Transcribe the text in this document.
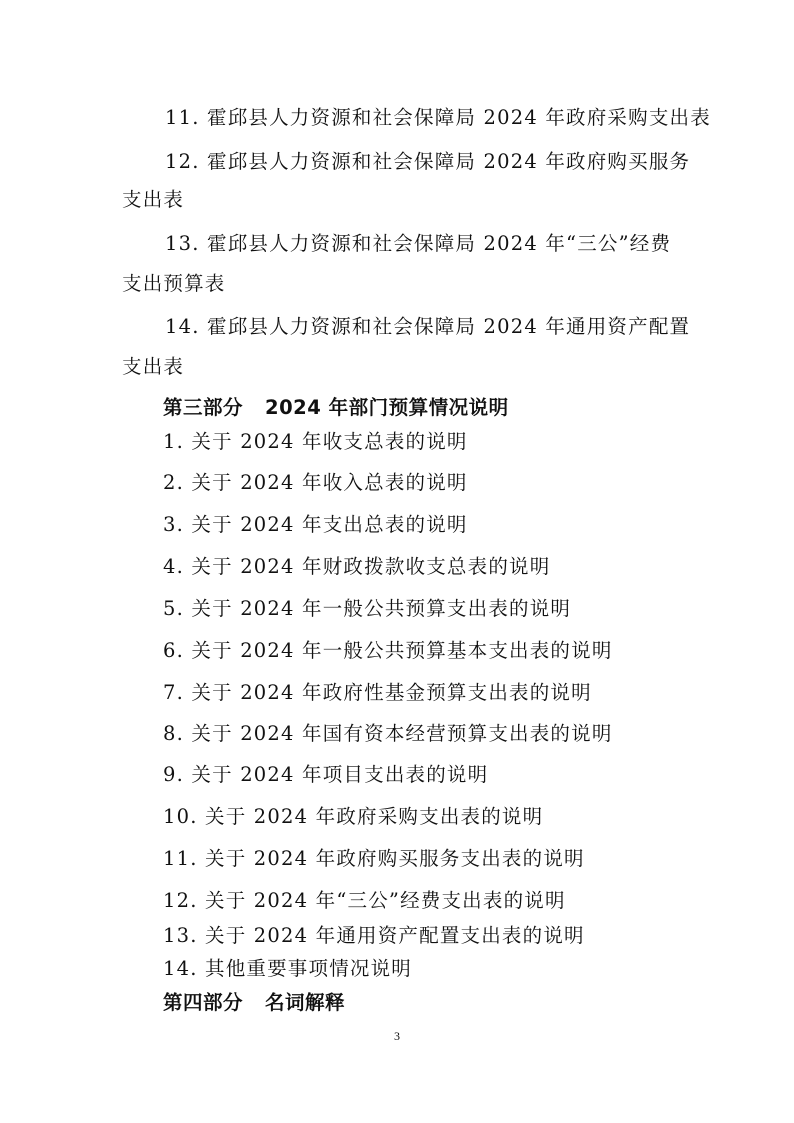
11. 霍邱县人力资源和社会保障局 2024 年政府采购支出表
12. 霍邱县人力资源和社会保障局 2024 年政府购买服务
支出表
13. 霍邱县人力资源和社会保障局 2024 年“三公”经费
支出预算表
14. 霍邱县人力资源和社会保障局 2024 年通用资产配置
支出表
第三部分 2024 年部门预算情况说明
1. 关于 2024 年收支总表的说明
2. 关于 2024 年收入总表的说明
3. 关于 2024 年支出总表的说明
4. 关于 2024 年财政拨款收支总表的说明
5. 关于 2024 年一般公共预算支出表的说明
6. 关于 2024 年一般公共预算基本支出表的说明
7. 关于 2024 年政府性基金预算支出表的说明
8. 关于 2024 年国有资本经营预算支出表的说明
9. 关于 2024 年项目支出表的说明
10. 关于 2024 年政府采购支出表的说明
11. 关于 2024 年政府购买服务支出表的说明
12. 关于 2024 年“三公”经费支出表的说明
13. 关于 2024 年通用资产配置支出表的说明
14. 其他重要事项情况说明
第四部分 名词解释
3
